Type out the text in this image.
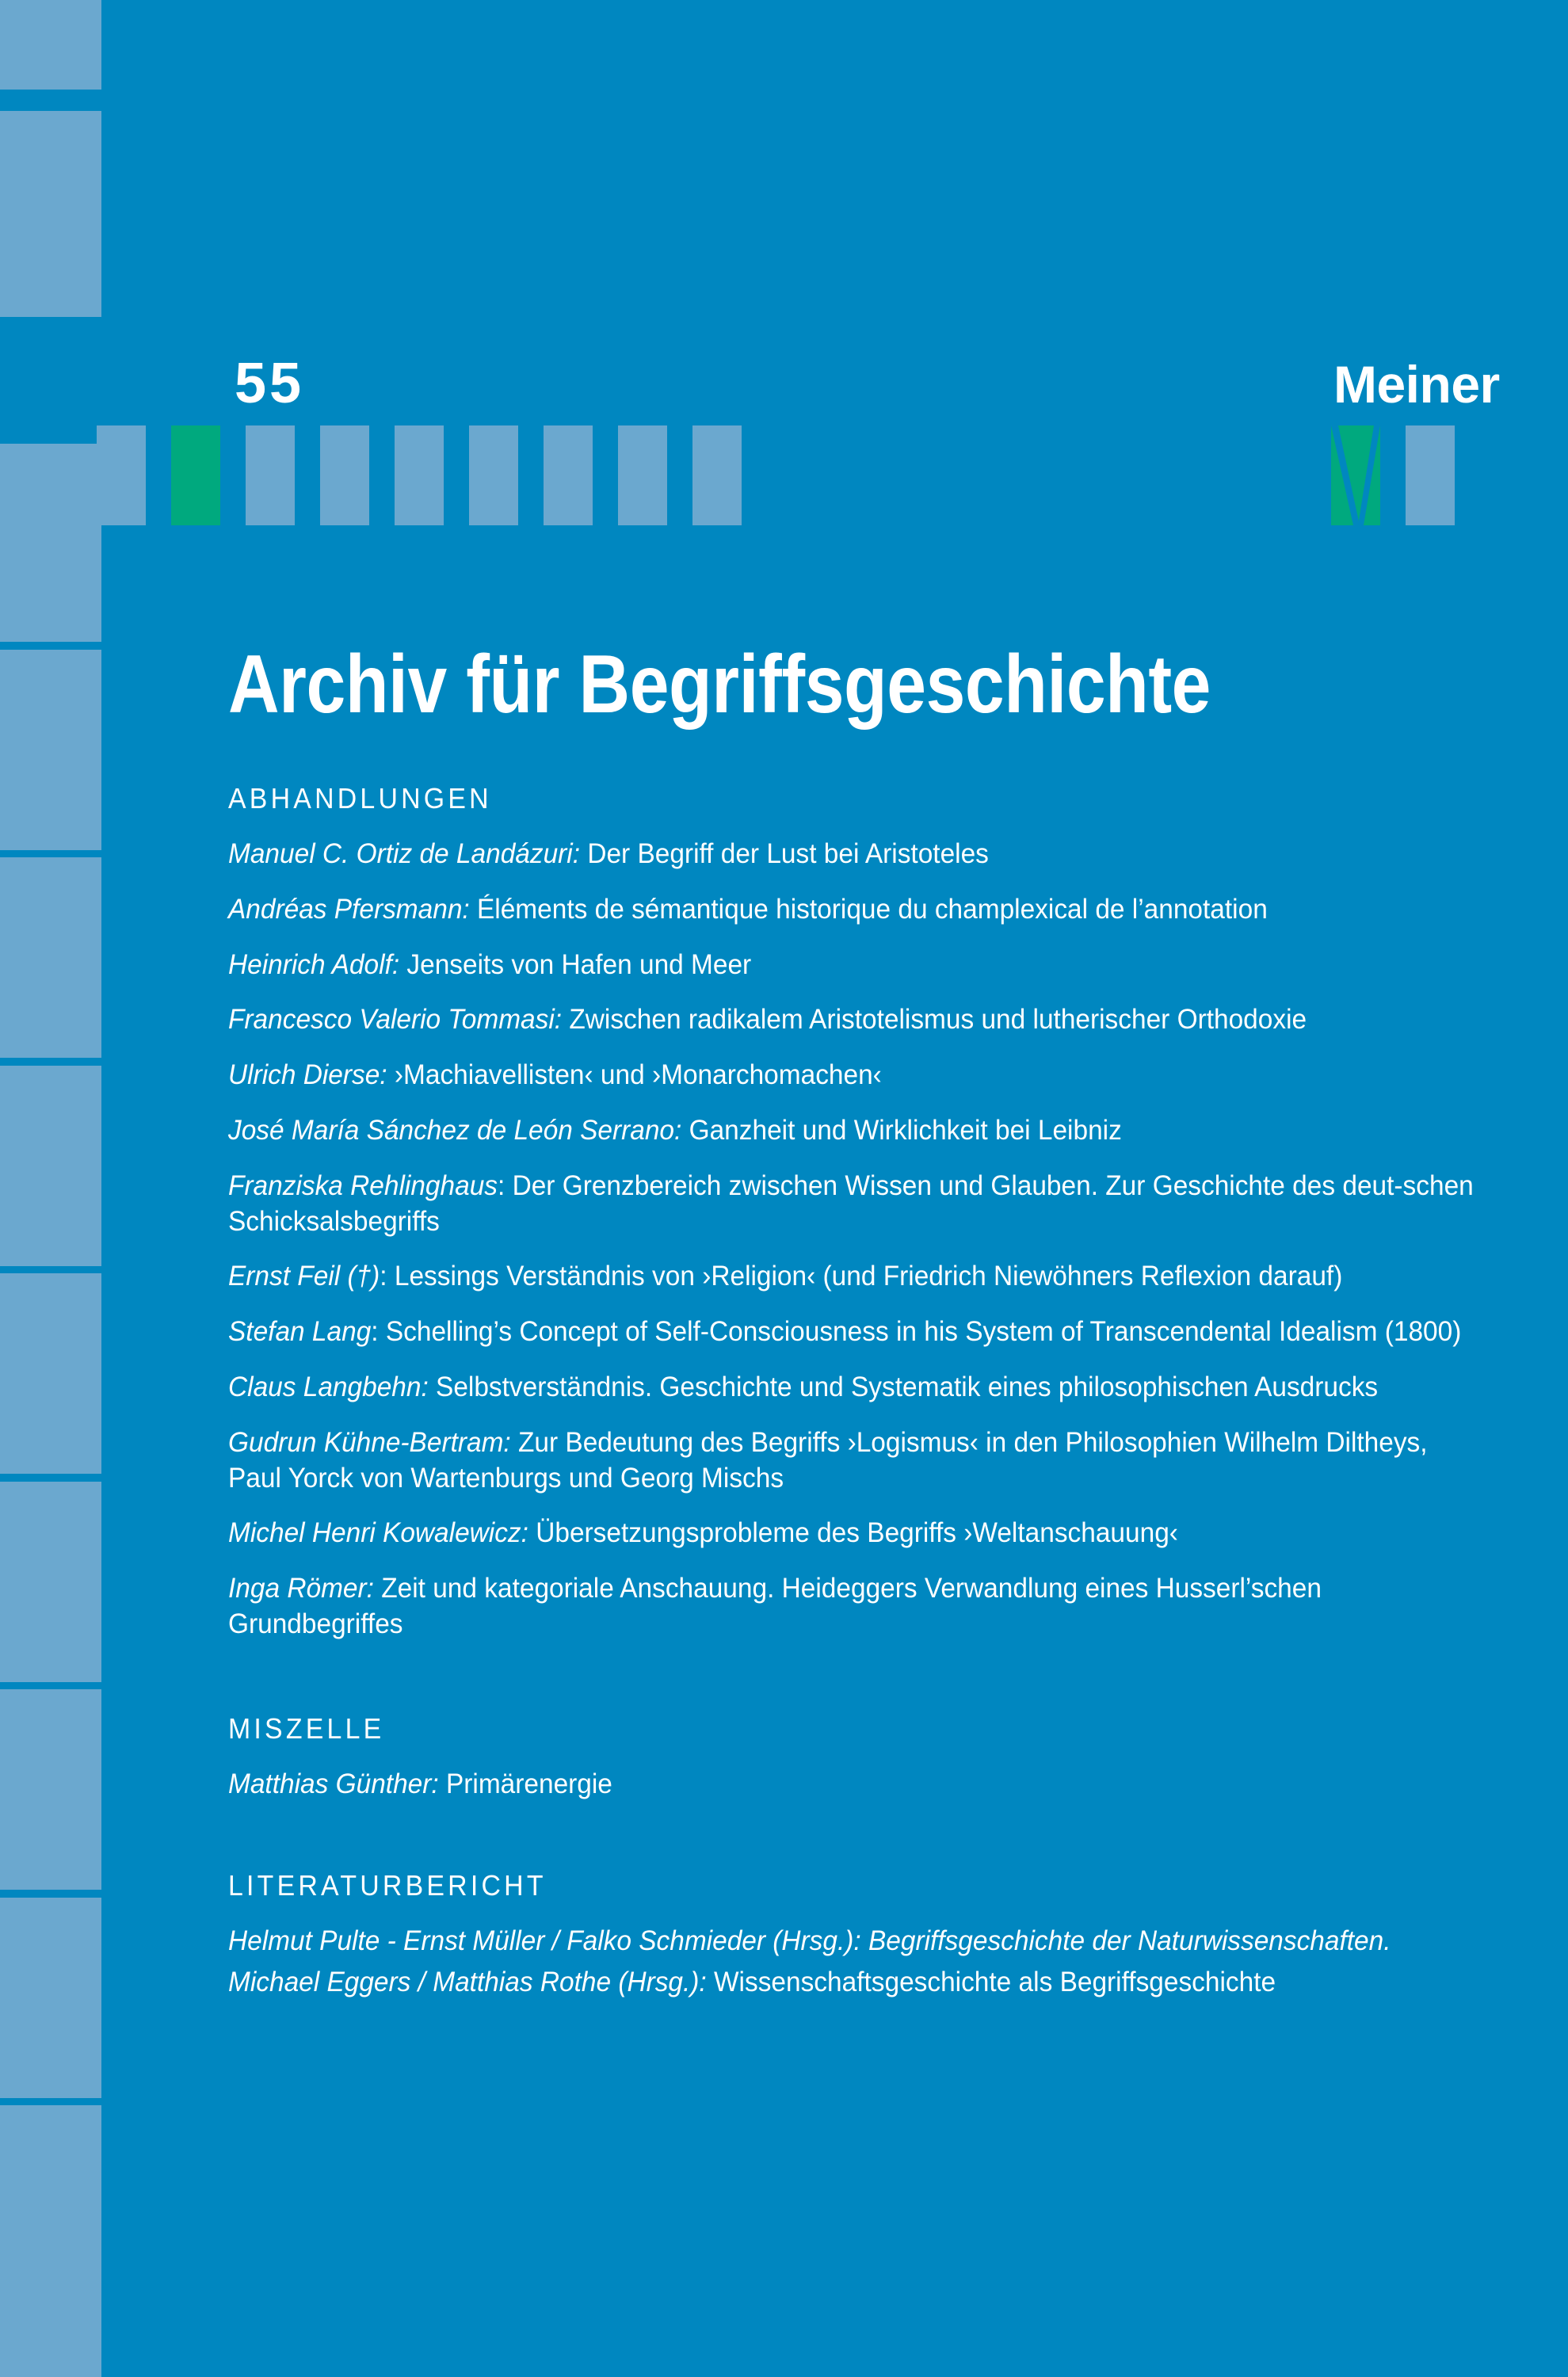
55	Meiner
Archiv für Begriffsgeschichte
ABHANDLUNGEN
Manuel C. Ortiz de Landázuri: Der Begriff der Lust bei Aristoteles
Andréas Pfersmann: Éléments de sémantique historique du champlexical de l’annotation
Heinrich Adolf: Jenseits von Hafen und Meer
Francesco Valerio Tommasi: Zwischen radikalem Aristotelismus und lutherischer Orthodoxie
Ulrich Dierse: ›Machiavellisten‹ und ›Monarchomachen‹
José María Sánchez de León Serrano: Ganzheit und Wirklichkeit bei Leibniz
Franziska Rehlinghaus: Der Grenzbereich zwischen Wissen und Glauben. Zur Geschichte des deut-schen Schicksalsbegriffs
Ernst Feil (†): Lessings Verständnis von ›Religion‹ (und Friedrich Niewöhners Reflexion darauf)
Stefan Lang: Schelling’s Concept of Self-Consciousness in his System of Transcendental Idealism (1800)
Claus Langbehn: Selbstverständnis. Geschichte und Systematik eines philosophischen Ausdrucks
Gudrun Kühne-Bertram: Zur Bedeutung des Begriffs ›Logismus‹ in den Philosophien Wilhelm Diltheys, Paul Yorck von Wartenburgs und Georg Mischs
Michel Henri Kowalewicz: Übersetzungsprobleme des Begriffs ›Weltanschauung‹
Inga Römer: Zeit und kategoriale Anschauung. Heideggers Verwandlung eines Husserl’schen Grundbegriffes
MISZELLE
Matthias Günther: Primärenergie
LITERATURBERICHT
Helmut Pulte - Ernst Müller / Falko Schmieder (Hrsg.): Begriffsgeschichte der Naturwissenschaften.
Michael Eggers / Matthias Rothe (Hrsg.): Wissenschaftsgeschichte als Begriffsgeschichte
